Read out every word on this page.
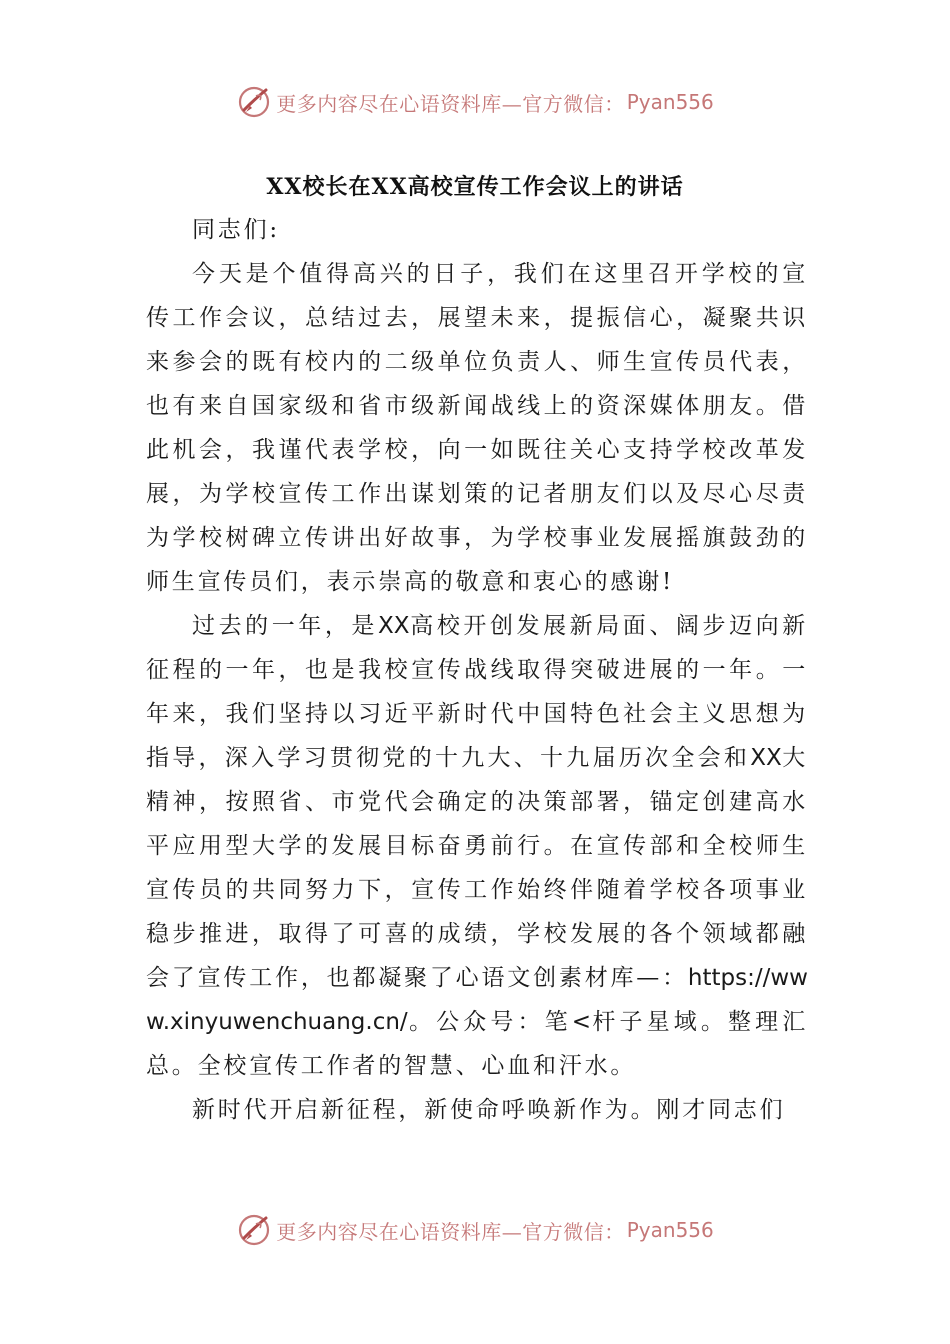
更多内容尽在心语资料库—官方微信： Pyan556
XX校长在XX高校宣传工作会议上的讲话

同志们:

今天是个值得高兴的日子，我们在这里召开学校的宣传工作会议，总结过去，展望未来，提振信心，凝聚共识来参会的既有校内的二级单位负责人、师生宣传员代表，也有来自国家级和省市级新闻战线上的资深媒体朋友。借此机会，我谨代表学校，向一如既往关心支持学校改革发展，为学校宣传工作出谋划策的记者朋友们以及尽心尽责为学校树碑立传讲出好故事，为学校事业发展摇旗鼓劲的师生宣传员们，表示崇高的敬意和衷心的感谢!

过去的一年，是XX高校开创发展新局面、阔步迈向新征程的一年，也是我校宣传战线取得突破进展的一年。一年来，我们坚持以习近平新时代中国特色社会主义思想为指导，深入学习贯彻党的十九大、十九届历次全会和XX大精神，按照省、市党代会确定的决策部署，锚定创建高水平应用型大学的发展目标奋勇前行。在宣传部和全校师生宣传员的共同努力下，宣传工作始终伴随着学校各项事业稳步推进，取得了可喜的成绩，学校发展的各个领域都融会了宣传工作，也都凝聚了心语文创素材库—：https://www.xinyuwenchuang.cn/。公众号：笔<杆子星域。整理汇总。全校宣传工作者的智慧、心血和汗水。

新时代开启新征程，新使命呼唤新作为。刚才同志们

更多内容尽在心语资料库—官方微信： Pyan556
